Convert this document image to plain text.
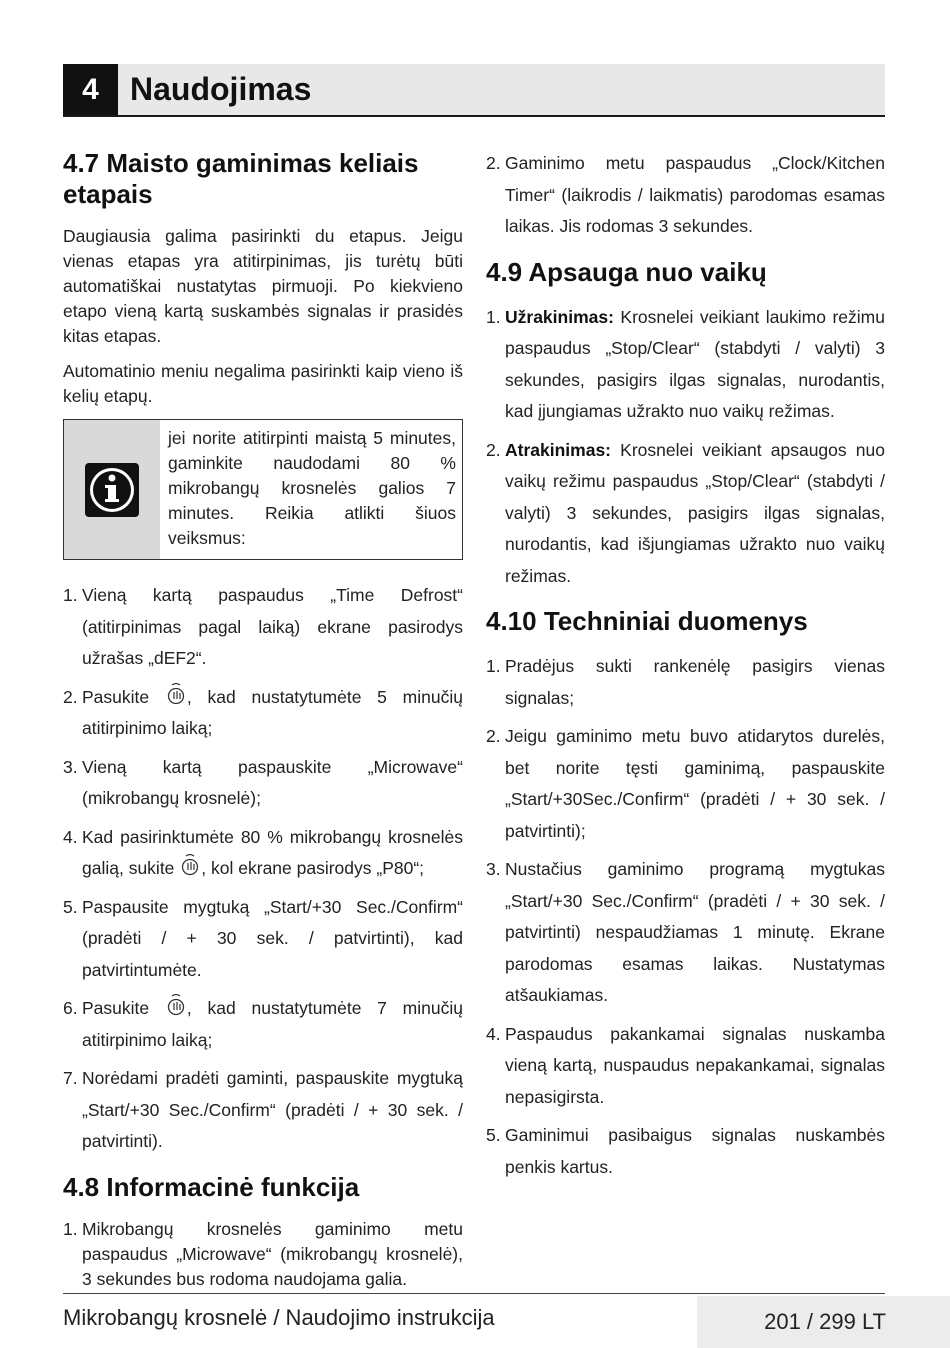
4 Naudojimas
4.7 Maisto gaminimas keliais etapais

Daugiausia galima pasirinkti du etapus. Jeigu vienas etapas yra atitirpinimas, jis turėtų būti automatiškai nustatytas pirmuoji. Po kiekvieno etapo vieną kartą suskambės signalas ir prasidės kitas etapas.

Automatinio meniu negalima pasirinkti kaip vieno iš kelių etapų.

jei norite atitirpinti maistą 5 minutes, gaminkite naudodami 80 % mikrobangų krosnelės galios 7 minutes. Reikia atlikti šiuos veiksmus:
1. Vieną kartą paspaudus „Time Defrost“ (atitirpinimas pagal laiką) ekrane pasirodys užrašas „dEF2“.
2. Pasukite , kad nustatytumėte 5 minučių atitirpinimo laiką;
3. Vieną kartą paspauskite „Microwave“ (mikrobangų krosnelė);
4. Kad pasirinktumėte 80 % mikrobangų krosnelės galią, sukite , kol ekrane pasirodys „P80“;
5. Paspausite mygtuką „Start/+30 Sec./Confirm“ (pradėti / + 30 sek. / patvirtinti), kad patvirtintumėte.
6. Pasukite , kad nustatytumėte 7 minučių atitirpinimo laiką;
7. Norėdami pradėti gaminti, paspauskite mygtuką „Start/+30 Sec./Confirm“ (pradėti / + 30 sek. / patvirtinti).
4.8 Informacinė funkcija
1. Mikrobangų krosnelės gaminimo metu paspaudus „Microwave“ (mikrobangų krosnelė), 3 sekundes bus rodoma naudojama galia.
2. Gaminimo metu paspaudus „Clock/Kitchen Timer“ (laikrodis / laikmatis) parodomas esamas laikas. Jis rodomas 3 sekundes.
4.9 Apsauga nuo vaikų
1. Užrakinimas: Krosnelei veikiant laukimo režimu paspaudus „Stop/Clear“ (stabdyti / valyti) 3 sekundes, pasigirs ilgas signalas, nurodantis, kad įjungiamas užrakto nuo vaikų režimas.
2. Atrakinimas: Krosnelei veikiant apsaugos nuo vaikų režimu paspaudus „Stop/Clear“ (stabdyti / valyti) 3 sekundes, pasigirs ilgas signalas, nurodantis, kad išjungiamas užrakto nuo vaikų režimas.
4.10 Techniniai duomenys
1. Pradėjus sukti rankenėlę pasigirs vienas signalas;
2. Jeigu gaminimo metu buvo atidarytos durelės, bet norite tęsti gaminimą, paspauskite „Start/+30Sec./Confirm“ (pradėti / + 30 sek. / patvirtinti);
3. Nustačius gaminimo programą mygtukas „Start/+30 Sec./Confirm“ (pradėti / + 30 sek. / patvirtinti) nespaudžiamas 1 minutę. Ekrane parodomas esamas laikas. Nustatymas atšaukiamas.
4. Paspaudus pakankamai signalas nuskamba vieną kartą, nuspaudus nepakankamai, signalas nepasigirsta.
5. Gaminimui pasibaigus signalas nuskambės penkis kartus.
Mikrobangų krosnelė / Naudojimo instrukcija	201 / 299 LT
